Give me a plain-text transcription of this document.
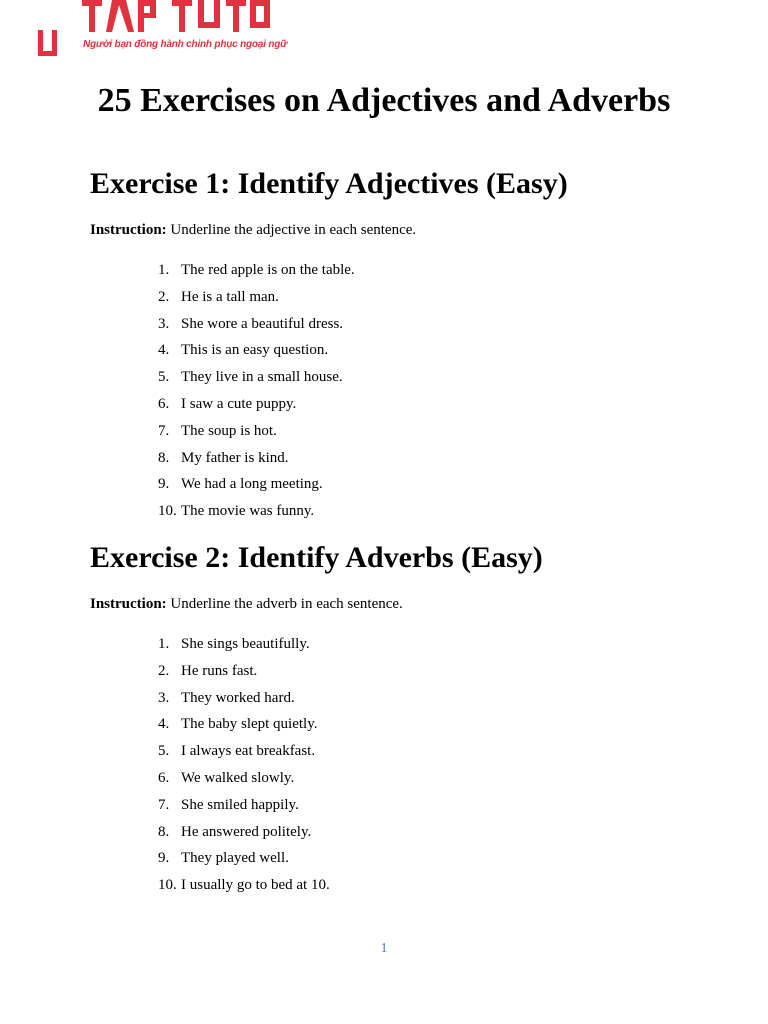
Người bạn đồng hành chinh phục ngoại ngữ
25 Exercises on Adjectives and Adverbs
Exercise 1: Identify Adjectives (Easy)

Instruction: Underline the adjective in each sentence.

1. The red apple is on the table.
2. He is a tall man.
3. She wore a beautiful dress.
4. This is an easy question.
5. They live in a small house.
6. I saw a cute puppy.
7. The soup is hot.
8. My father is kind.
9. We had a long meeting.
10. The movie was funny.
Exercise 2: Identify Adverbs (Easy)

Instruction: Underline the adverb in each sentence.

1. She sings beautifully.
2. He runs fast.
3. They worked hard.
4. The baby slept quietly.
5. I always eat breakfast.
6. We walked slowly.
7. She smiled happily.
8. He answered politely.
9. They played well.
10. I usually go to bed at 10.
1
